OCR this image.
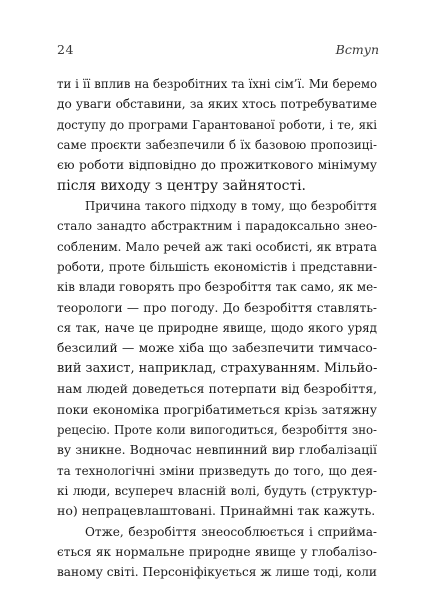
24	Вступ
ти і її вплив на безробітних та їхні сім’ї. Ми беремо
до уваги обставини, за яких хтось потребуватиме
доступу до програми Гарантованої роботи, і те, які
саме проєкти забезпечили б їх базовою пропозиці-
єю роботи відповідно до прожиткового мінімуму
після виходу з центру зайнятості.
Причина такого підходу в тому, що безробіття
стало занадто абстрактним і парадоксально знео-
собленим. Мало речей аж такі особисті, як втрата
роботи, проте більшість економістів і представни-
ків влади говорять про безробіття так само, як ме-
теорологи — про погоду. До безробіття ставлять-
ся так, наче це природне явище, щодо якого уряд
безсилий — може хіба що забезпечити тимчасо-
вий захист, наприклад, страхуванням. Мільйо-
нам людей доведеться потерпати від безробіття,
поки економіка прогрібатиметься крізь затяжну
рецесію. Проте коли випогодиться, безробіття зно-
ву зникне. Водночас невпинний вир глобалізації
та технологічні зміни призведуть до того, що дея-
кі люди, всупереч власній волі, будуть (структур-
но) непрацевлаштовані. Принаймні так кажуть.
Отже, безробіття знеособлюється і сприйма-
ється як нормальне природне явище у глобалізо-
ваному світі. Персоніфікується ж лише тоді, коли
